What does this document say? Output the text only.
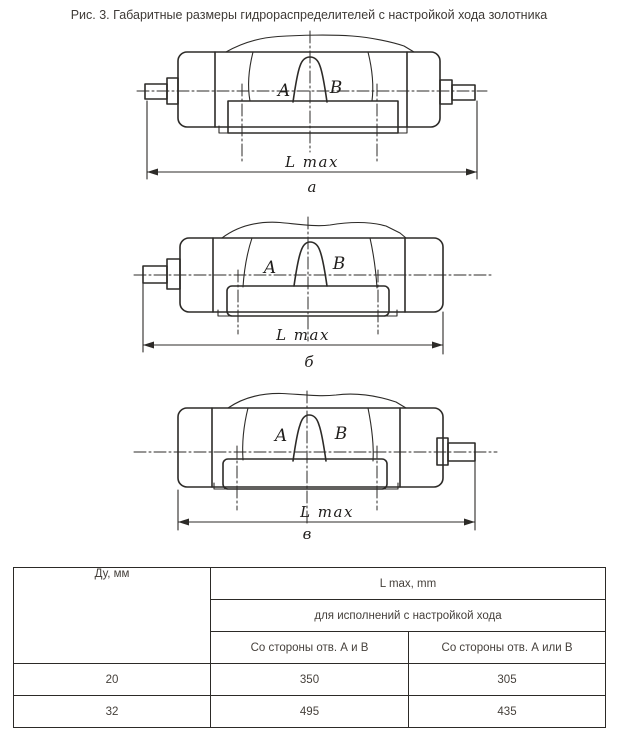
Рис. 3. Габаритные размеры гидрораспределителей с настройкой хода золотника
L max
A В
а
L max
A	В
б
L max
A	В
в
Ду, мм	L max, mm	
	для исполнений с настройкой хода	
	Со стороны отв. А и В	Со стороны отв. А или В
20	350	305
32	495	435
